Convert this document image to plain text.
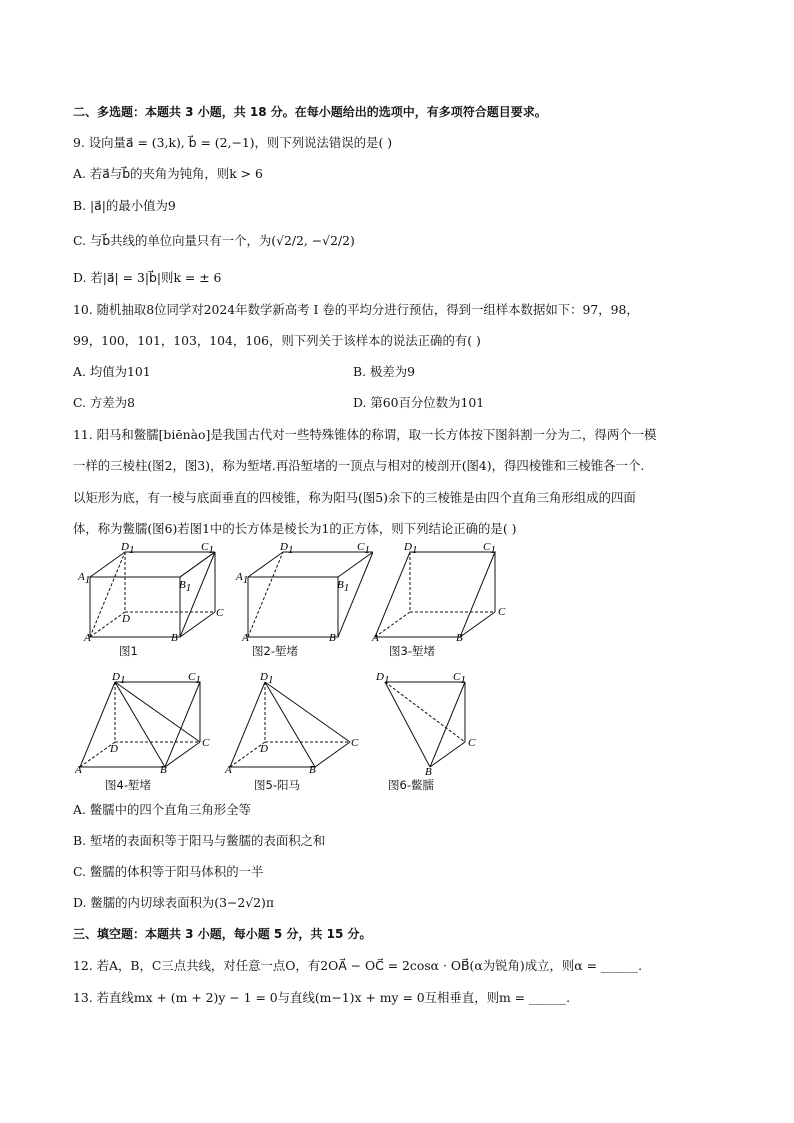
二、多选题：本题共 3 小题，共 18 分。在每小题给出的选项中，有多项符合题目要求。
9. 设向量a⃗ = (3,k), b⃗ = (2,−1)，则下列说法错误的是( )
A. 若a⃗与b⃗的夹角为钝角，则k > 6
B. |a⃗|的最小值为9
C. 与b⃗共线的单位向量只有一个，为(√2/2, −√2/2)
D. 若|a⃗| = 3|b⃗|则k = ± 6
10. 随机抽取8位同学对2024年数学新高考 I 卷的平均分进行预估，得到一组样本数据如下：97，98，
99，100，101，103，104，106，则下列关于该样本的说法正确的有( )
A. 均值为101	B. 极差为9
C. 方差为8	D. 第60百分位数为101
11. 阳马和鳖臑[biēnào]是我国古代对一些特殊锥体的称谓，取一长方体按下图斜割一分为二，得两个一模
一样的三棱柱(图2，图3)，称为堑堵.再沿堑堵的一顶点与相对的棱剖开(图4)，得四棱锥和三棱锥各一个.
以矩形为底，有一棱与底面垂直的四棱锥，称为阳马(图5)余下的三棱锥是由四个直角三角形组成的四面
体，称为鳖臑(图6)若图1中的长方体是棱长为1的正方体，则下列结论正确的是( )
A1
D1	C1
B1
D	C
A	B
图1
A1
D1	C1
B1
A	B
图2-堑堵
D1	C1
C
A	B
图3-堑堵
D1	C1
D	C
A	B
图4-堑堵
D1
D	C
A	B
图5-阳马
D1	C1
C
B
图6-鳖臑
A. 鳖臑中的四个直角三角形全等
B. 堑堵的表面积等于阳马与鳖臑的表面积之和
C. 鳖臑的体积等于阳马体积的一半
D. 鳖臑的内切球表面积为(3−2√2)π
三、填空题：本题共 3 小题，每小题 5 分，共 15 分。
12. 若A，B，C三点共线，对任意一点O，有2OA⃗ − OC⃗ = 2cosα · OB⃗(α为锐角)成立，则α = ______.
13. 若直线mx + (m + 2)y − 1 = 0与直线(m−1)x + my = 0互相垂直，则m = ______.
